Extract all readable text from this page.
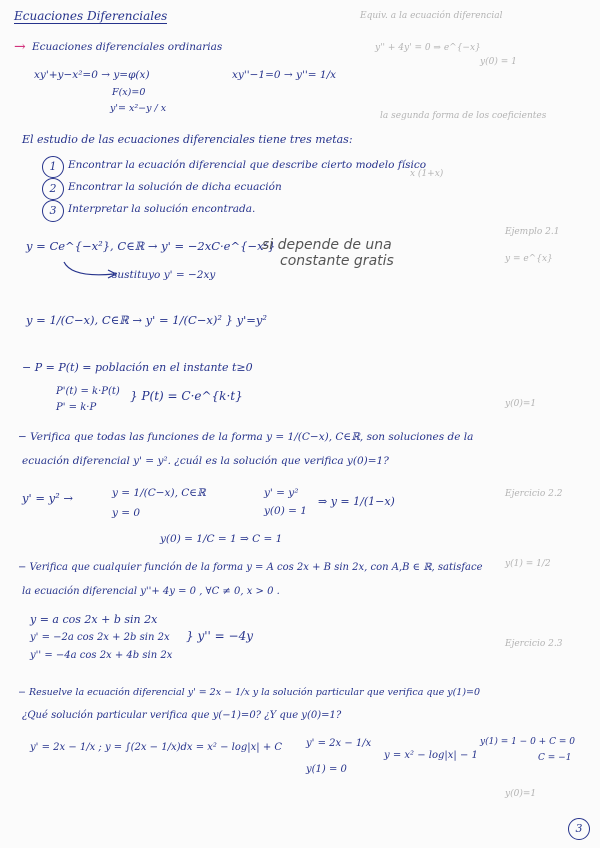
Equiv. a la ecuación diferencial
y'' + 4y' = 0 ⇒ e^{−x}
y(0) = 1
la segunda forma de los coeficientes
x (1+x)
Ejemplo 2.1
y = e^{x}
y(0)=1
Ejercicio 2.2
y(1) = 1/2
Ejercicio 2.3
y(0)=1
Ecuaciones Diferenciales
→ Ecuaciones diferenciales ordinarias
xy'+y−x²=0 → y=φ(x)
F(x)=0
y'= x²−y / x
xy''−1=0 → y''= 1/x
El estudio de las ecuaciones diferenciales tiene tres metas:
1	Encontrar la ecuación diferencial que describe cierto modelo físico
2	Encontrar la solución de dicha ecuación
3	Interpretar la solución encontrada.
y = Ce^{−x²}, C∈ℝ → y' = −2xC·e^{−x²}
sustituyo y' = −2xy
si depende de una
constante gratis
y = 1/(C−x), C∈ℝ → y' = 1/(C−x)² } y'=y²
− P = P(t) = población en el instante t≥0
P'(t) = k·P(t)
P' = k·P
} P(t) = C·e^{k·t}
− Verifica que todas las funciones de la forma y = 1/(C−x), C∈ℝ, son soluciones de la
ecuación diferencial y' = y². ¿cuál es la solución que verifica y(0)=1?
y' = y² →	y = 1/(C−x), C∈ℝ
y = 0
y' = y²
y(0) = 1
⇒ y = 1/(1−x)
y(0) = 1/C = 1 ⇒ C = 1
− Verifica que cualquier función de la forma y = A cos 2x + B sin 2x, con A,B ∈ ℝ, satisface
la ecuación diferencial y''+ 4y = 0 , ∀C ≠ 0, x > 0 .
y = a cos 2x + b sin 2x
y' = −2a cos 2x + 2b sin 2x
y'' = −4a cos 2x + 4b sin 2x
} y'' = −4y
− Resuelve la ecuación diferencial y' = 2x − 1/x y la solución particular que verifica que y(1)=0
¿Qué solución particular verifica que y(−1)=0? ¿Y que y(0)=1?
y' = 2x − 1/x ; y = ∫(2x − 1/x)dx = x² − log|x| + C y' = 2x − 1/x
y(1) = 0
y = x² − log|x| − 1
y(1) = 1 − 0 + C = 0
C = −1
3
